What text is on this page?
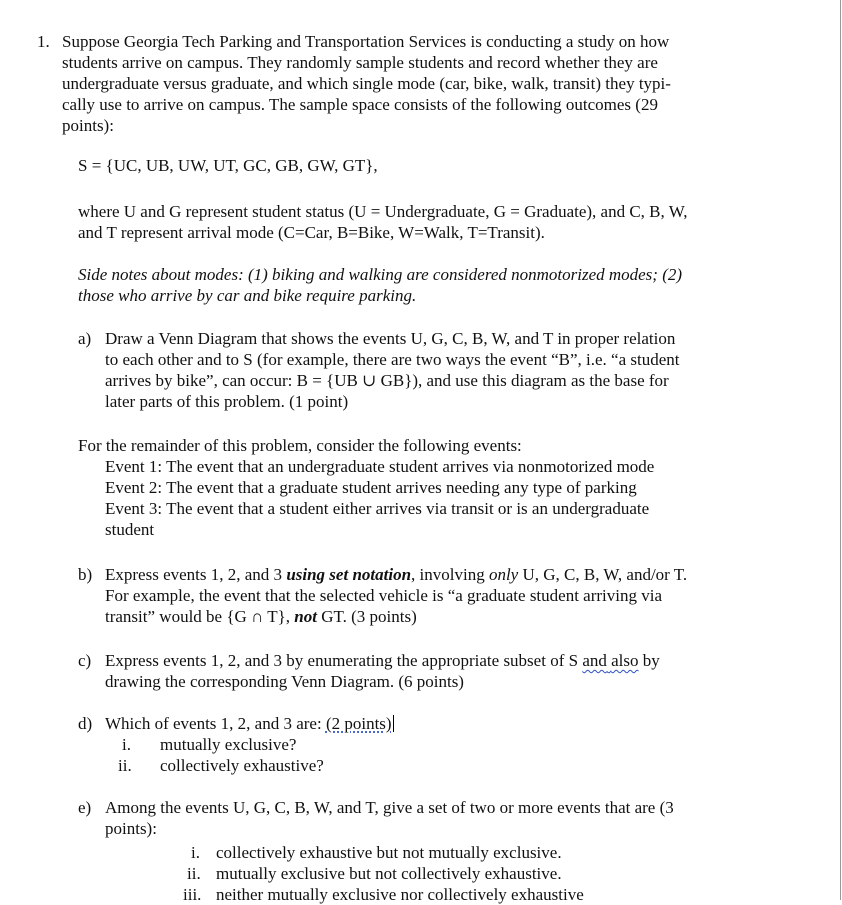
1. Suppose Georgia Tech Parking and Transportation Services is conducting a study on how
students arrive on campus. They randomly sample students and record whether they are
undergraduate versus graduate, and which single mode (car, bike, walk, transit) they typi-
cally use to arrive on campus. The sample space consists of the following outcomes (29
points):
S = {UC, UB, UW, UT, GC, GB, GW, GT},
where U and G represent student status (U = Undergraduate, G = Graduate), and C, B, W,
and T represent arrival mode (C=Car, B=Bike, W=Walk, T=Transit).
Side notes about modes: (1) biking and walking are considered nonmotorized modes; (2)
those who arrive by car and bike require parking.
a) Draw a Venn Diagram that shows the events U, G, C, B, W, and T in proper relation
to each other and to S (for example, there are two ways the event “B”, i.e. “a student
arrives by bike”, can occur: B = {UB ∪ GB}), and use this diagram as the base for
later parts of this problem. (1 point)
For the remainder of this problem, consider the following events:
Event 1: The event that an undergraduate student arrives via nonmotorized mode
Event 2: The event that a graduate student arrives needing any type of parking
Event 3: The event that a student either arrives via transit or is an undergraduate
student
b) Express events 1, 2, and 3 using set notation, involving only U, G, C, B, W, and/or T.
For example, the event that the selected vehicle is “a graduate student arriving via
transit” would be {G ∩ T}, not GT. (3 points)
c) Express events 1, 2, and 3 by enumerating the appropriate subset of S and also by
drawing the corresponding Venn Diagram. (6 points)
d) Which of events 1, 2, and 3 are: (2 points)
i. mutually exclusive?
ii. collectively exhaustive?
e) Among the events U, G, C, B, W, and T, give a set of two or more events that are (3
points):
i. collectively exhaustive but not mutually exclusive.
ii. mutually exclusive but not collectively exhaustive.
iii. neither mutually exclusive nor collectively exhaustive
